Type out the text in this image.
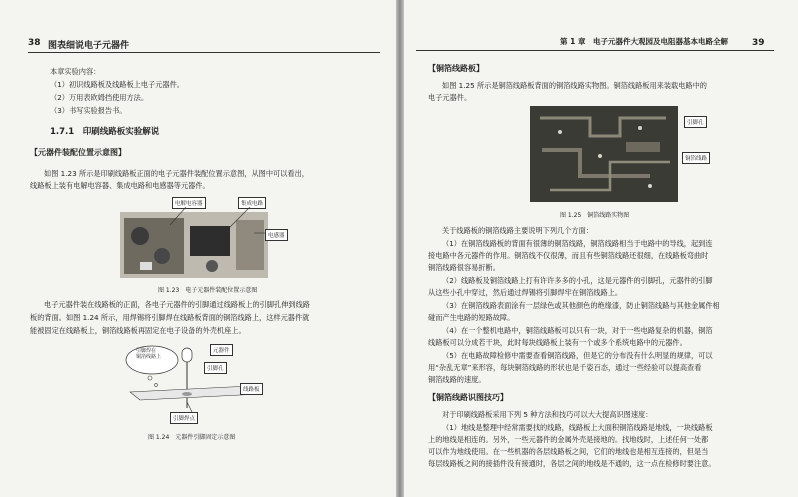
38 图表细说电子元器件
本章实验内容：
（1）初识线路板及线路板上电子元器件。
（2）万用表欧姆挡使用方法。
（3）书写实验报告书。
1.7.1　印刷线路板实验解说
【元器件装配位置示意图】
如图 1.23 所示是印刷线路板正面的电子元器件装配位置示意图，从图中可以看出，
线路板上装有电解电容器、集成电路和电感器等元器件。
电解电容器	集成电路
电感器
图 1.23　电子元器件装配位置示意图
电子元器件装在线路板的正面，各电子元器件的引脚通过线路板上的引脚孔伸到线路
板的背面。如图 1.24 所示，用焊锡将引脚焊在线路板背面的铜箔线路上，这样元器件就
能被固定在线路板上，铜箔线路板再固定在电子设备的外壳机座上。
引脚焊在
铜箔线路上
元器件
引脚孔
线路板
引脚焊点
图 1.24　元器件引脚固定示意图
第 1 章　电子元器件大观园及电阻器基本电路全解	39
【铜箔线路板】
如图 1.25 所示是铜箔线路板背面的铜箔线路实物图。铜箔线路板用来装载电路中的
电子元器件。
引脚孔
铜箔线路
图 1.25　铜箔线路实物图
关于线路板的铜箔线路主要说明下列几个方面：
（1）在铜箔线路板的背面有很薄的铜箔线路，铜箔线路相当于电路中的导线，起到连
接电路中各元器件的作用。铜箔线不仅很薄，而且有些铜箔线路还很细，在线路板弯曲时
铜箔线路很容易折断。
（2）线路板及铜箔线路上打有许许多多的小孔，这是元器件的引脚孔，元器件的引脚
从这些小孔中穿过，然后通过焊锡将引脚焊牢在铜箔线路上。
（3）在铜箔线路表面涂有一层绿色或其他颜色的绝缘漆，防止铜箔线路与其他金属件相
碰而产生电路的短路故障。
（4）在一个整机电路中，铜箔线路板可以只有一块，对于一些电路复杂的机器，铜箔
线路板可以分成若干块，此时每块线路板上装有一个或多个系统电路中的元器件。
（5）在电路故障检修中需要查看铜箔线路，但是它的分布没有什么明显的规律，可以
用“杂乱无章”来形容，每块铜箔线路的形状也是千姿百态，通过一些经验可以提高查看
铜箔线路的速度。
【铜箔线路识图技巧】
对于印刷线路板采用下列 5 种方法和技巧可以大大提高识图速度：
（1）地线是整理中经常需要找的线路，线路板上大面积铜箔线路是地线，一块线路板
上的地线是相连的。另外，一些元器件的金属外壳是接地的。找地线时，上述任何一处都
可以作为地线使用。在一些机器的各层线路板之间，它们的地线也是相互连接的，但是当
每层线路板之间的接插件没有接通时，各层之间的地线是不通的，这一点在检修时要注意。
